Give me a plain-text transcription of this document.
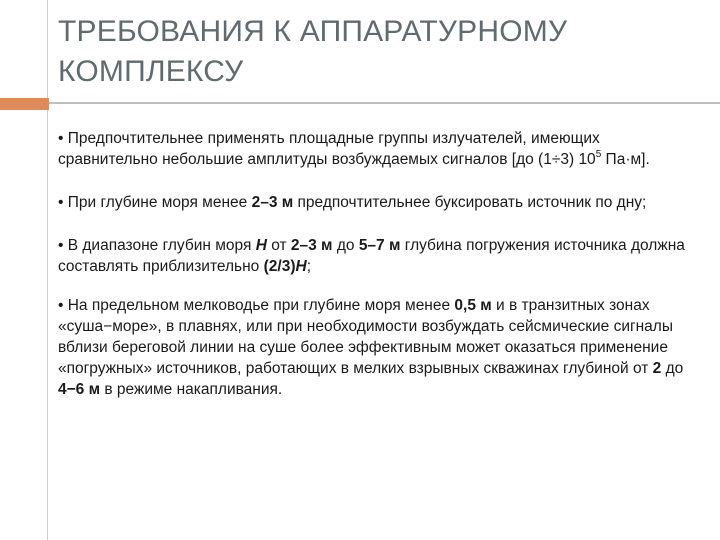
ТРЕБОВАНИЯ К АППАРАТУРНОМУ
КОМПЛЕКСУ

• Предпочтительнее применять площадные группы излучателей, имеющих сравнительно небольшие амплитуды возбуждаемых сигналов [до (1÷3) $10^5$ Па·м].

• При глубине моря менее 2–3 м предпочтительнее буксировать источник по дну;

• В диапазоне глубин моря Н от 2–3 м до 5–7 м глубина погружения источника должна составлять приблизительно (2/3)Н;

• На предельном мелководье при глубине моря менее 0,5 м и в транзитных зонах «суша−море», в плавнях, или при необходимости возбуждать сейсмические сигналы вблизи береговой линии на суше более эффективным может оказаться применение «погружных» источников, работающих в мелких взрывных скважинах глубиной от 2 до 4−6 м в режиме накапливания.
